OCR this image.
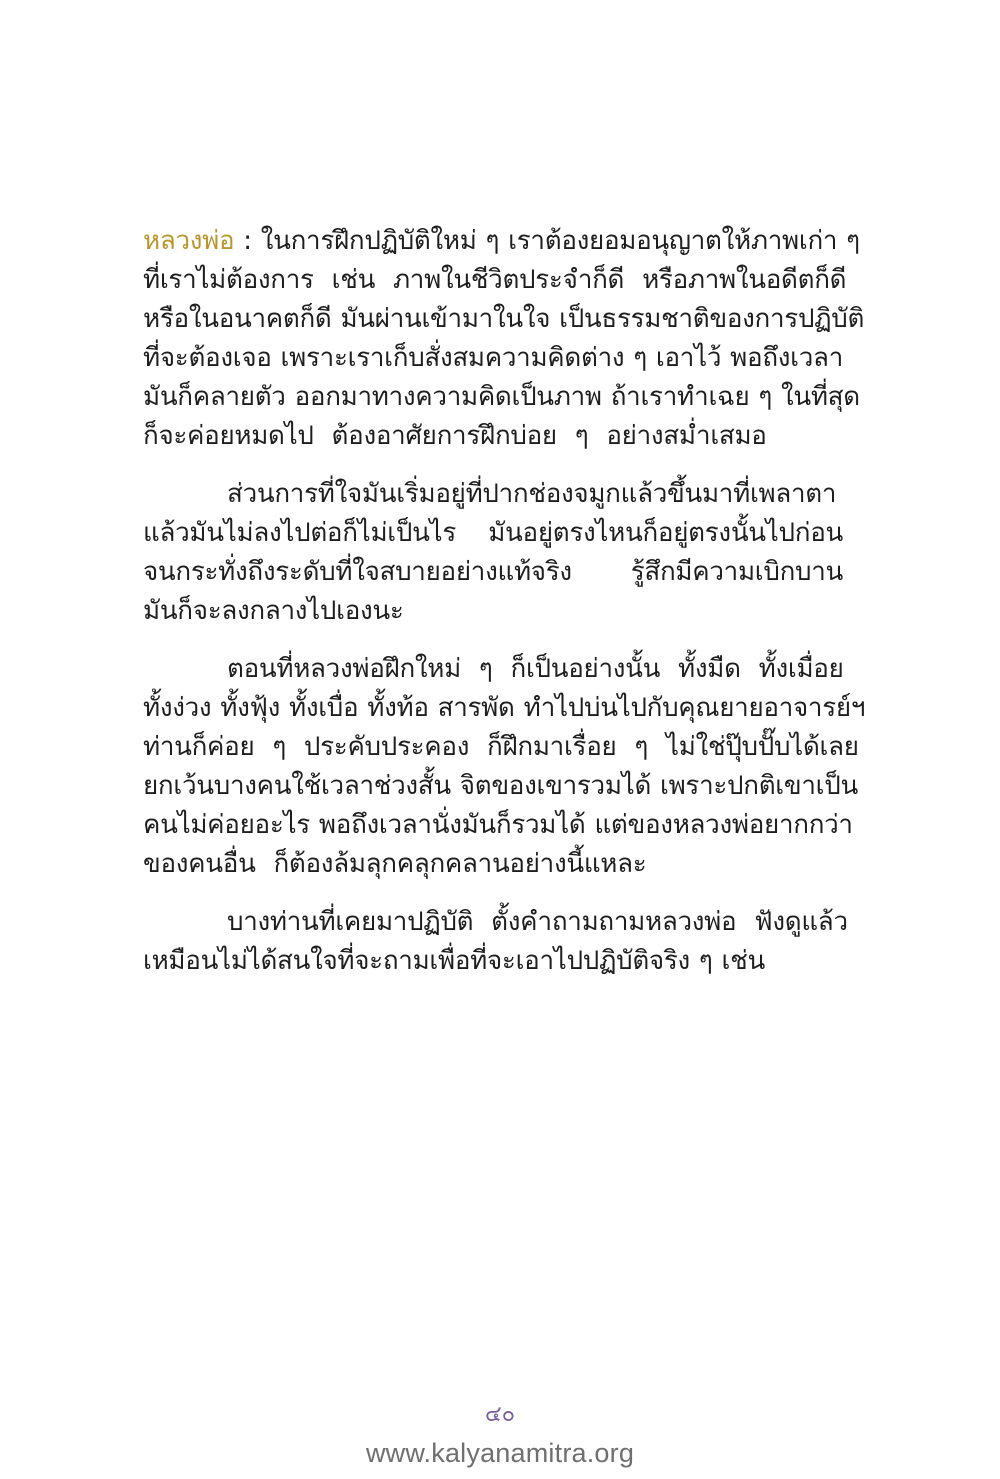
หลวงพ่อ : ในการฝึกปฏิบัติใหม่ ๆ เราต้องยอมอนุญาตให้ภาพเก่า ๆ
ที่เราไม่ต้องการ  เช่น  ภาพในชีวิตประจำก็ดี  หรือภาพในอดีตก็ดี
หรือในอนาคตก็ดี มันผ่านเข้ามาในใจ เป็นธรรมชาติของการปฏิบัติ
ที่จะต้องเจอ เพราะเราเก็บสั่งสมความคิดต่าง ๆ เอาไว้ พอถึงเวลา
มันก็คลายตัว ออกมาทางความคิดเป็นภาพ ถ้าเราทำเฉย ๆ ในที่สุด
ก็จะค่อยหมดไป  ต้องอาศัยการฝึกบ่อย  ๆ  อย่างสม่ำเสมอ
ส่วนการที่ใจมันเริ่มอยู่ที่ปากช่องจมูกแล้วขึ้นมาที่เพลาตา
แล้วมันไม่ลงไปต่อก็ไม่เป็นไร  มันอยู่ตรงไหนก็อยู่ตรงนั้นไปก่อน
จนกระทั่งถึงระดับที่ใจสบายอย่างแท้จริง  รู้สึกมีความเบิกบาน
มันก็จะลงกลางไปเองนะ
ตอนที่หลวงพ่อฝึกใหม่  ๆ  ก็เป็นอย่างนั้น  ทั้งมืด  ทั้งเมื่อย
ทั้งง่วง ทั้งฟุ้ง ทั้งเบื่อ ทั้งท้อ สารพัด ทำไปบ่นไปกับคุณยายอาจารย์ฯ
ท่านก็ค่อย  ๆ  ประคับประคอง  ก็ฝึกมาเรื่อย  ๆ  ไม่ใช่ปุ๊บปั๊บได้เลย
ยกเว้นบางคนใช้เวลาช่วงสั้น จิตของเขารวมได้ เพราะปกติเขาเป็น
คนไม่ค่อยอะไร พอถึงเวลานั่งมันก็รวมได้ แต่ของหลวงพ่อยากกว่า
ของคนอื่น  ก็ต้องล้มลุกคลุกคลานอย่างนี้แหละ
บางท่านที่เคยมาปฏิบัติ  ตั้งคำถามถามหลวงพ่อ  ฟังดูแล้ว
เหมือนไม่ได้สนใจที่จะถามเพื่อที่จะเอาไปปฏิบัติจริง ๆ เช่น
๔๐
www.kalyanamitra.org
